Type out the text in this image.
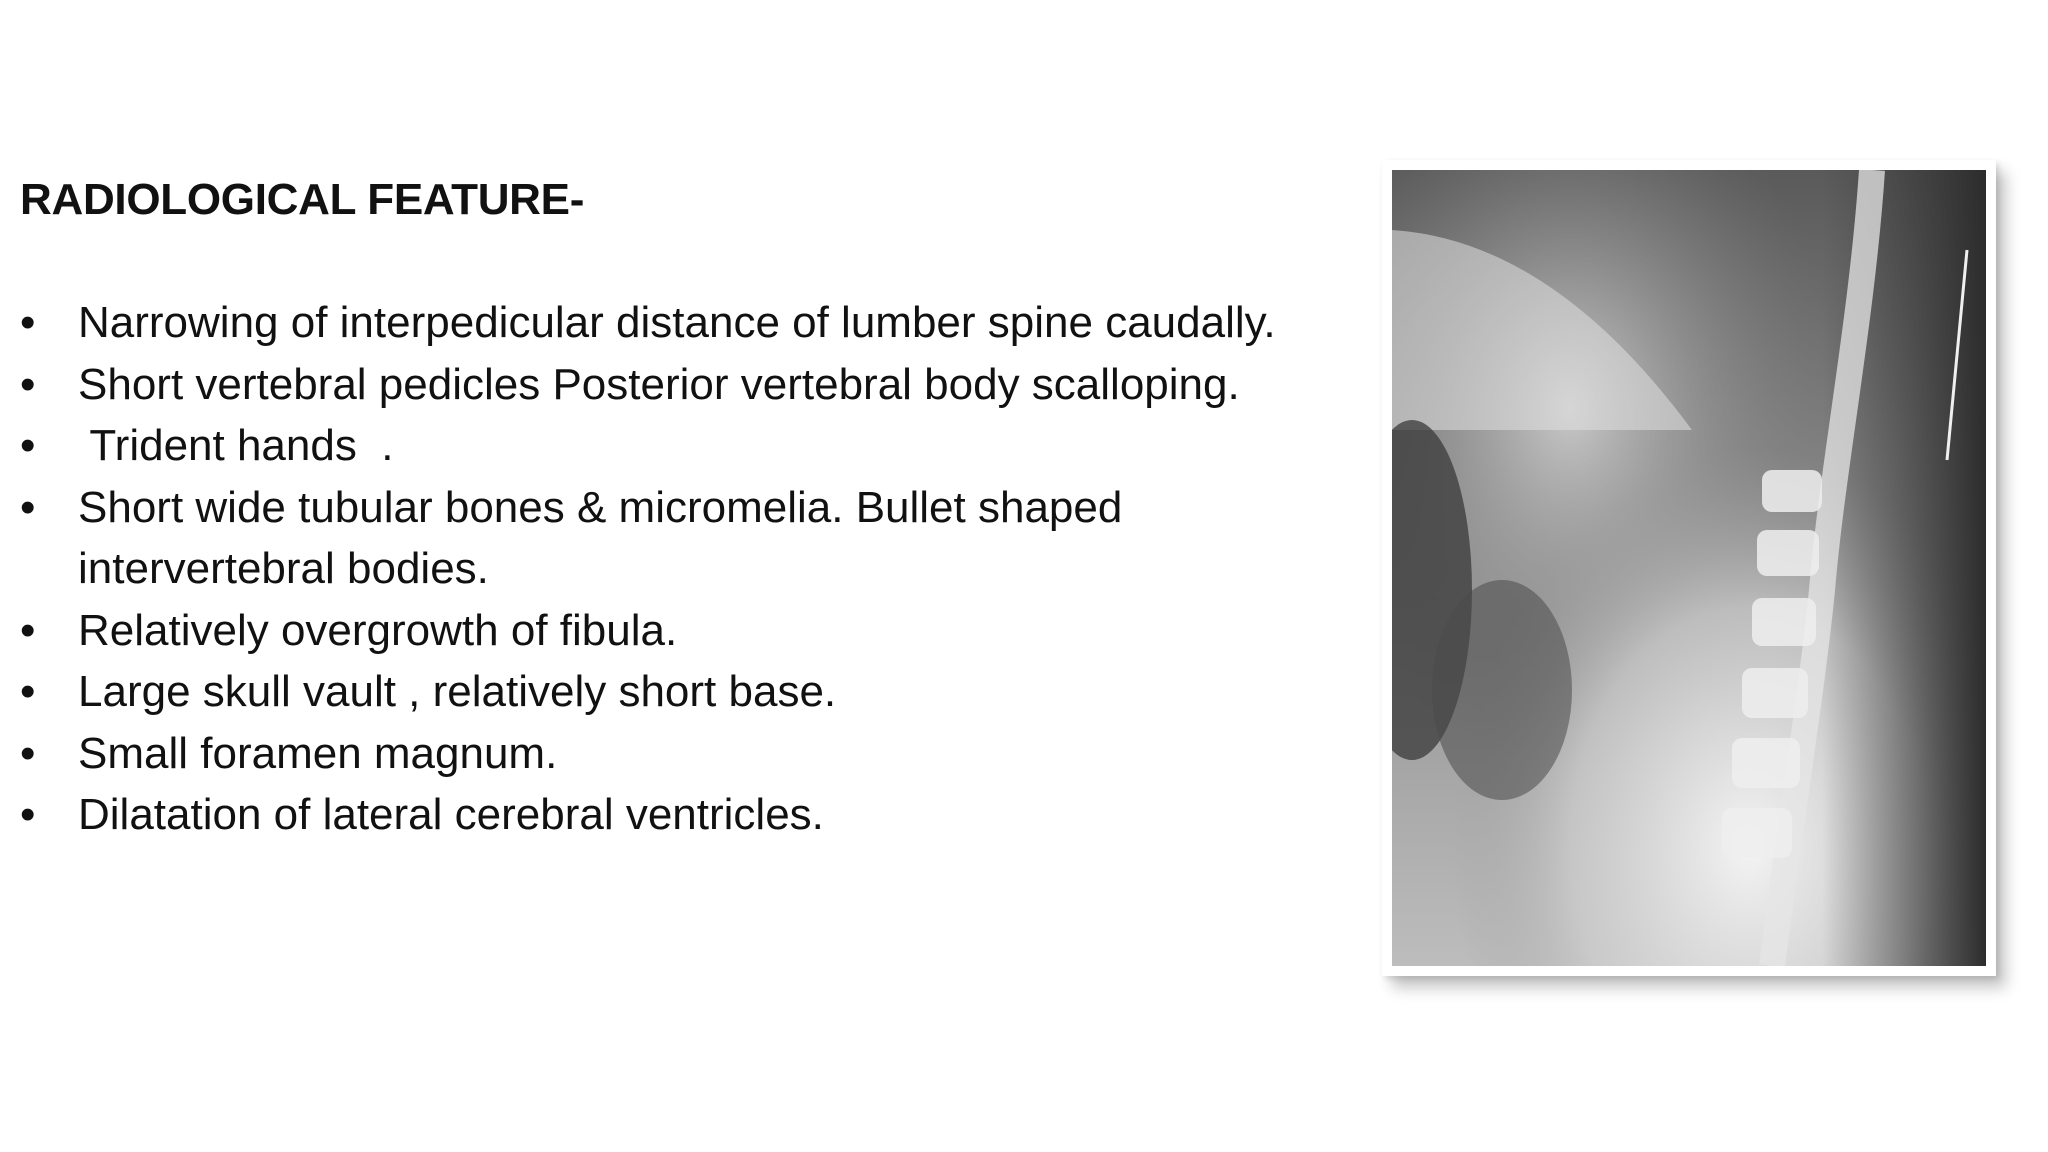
RADIOLOGICAL FEATURE-
• Narrowing of interpedicular distance of lumber spine caudally.
• Short vertebral pedicles Posterior vertebral body scalloping.
• Trident hands  .
• Short wide tubular bones & micromelia. Bullet shaped intervertebral bodies.
• Relatively overgrowth of fibula.
• Large skull vault , relatively short base.
• Small foramen magnum.
• Dilatation of lateral cerebral ventricles.
